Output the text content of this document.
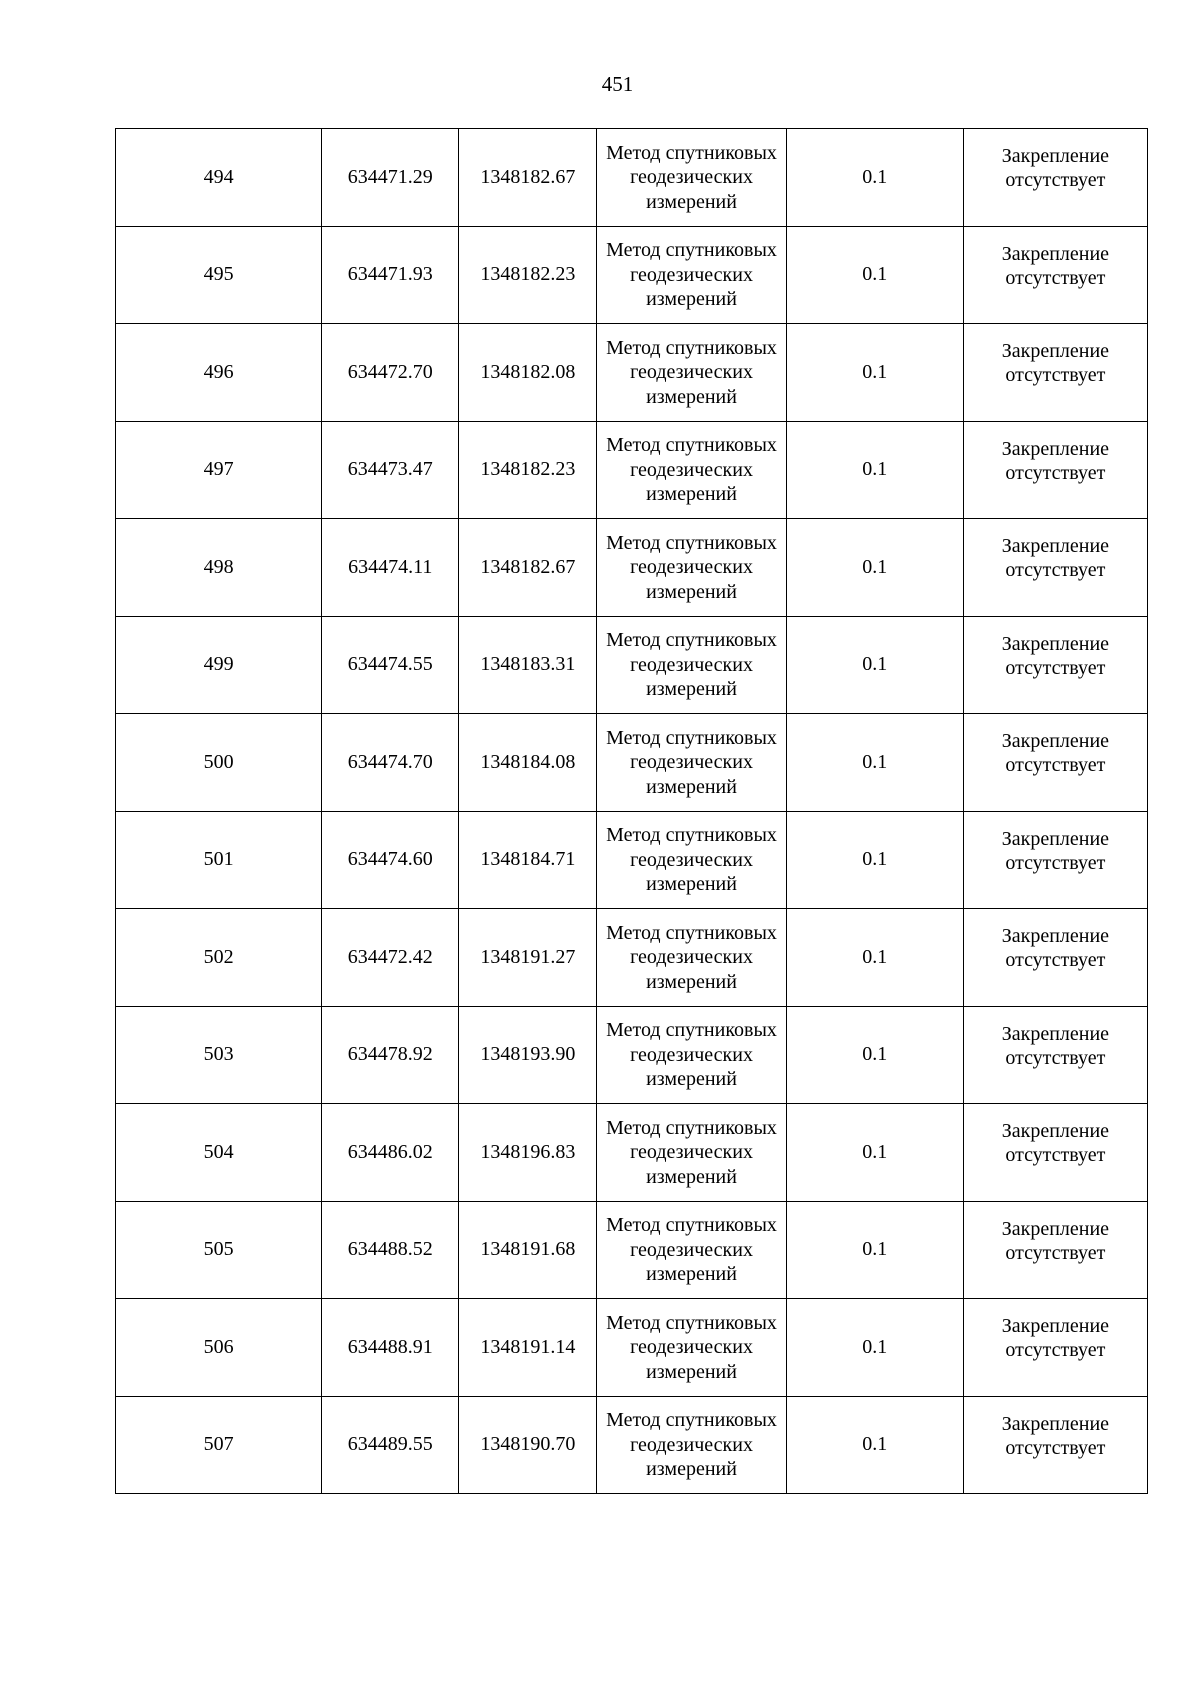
451
494	634471.29	1348182.67	Метод спутниковых геодезических измерений	0.1	Закрепление отсутствует

495	634471.93	1348182.23	Метод спутниковых геодезических измерений	0.1	Закрепление отсутствует

496	634472.70	1348182.08	Метод спутниковых геодезических измерений	0.1	Закрепление отсутствует

497	634473.47	1348182.23	Метод спутниковых геодезических измерений	0.1	Закрепление отсутствует

498	634474.11	1348182.67	Метод спутниковых геодезических измерений	0.1	Закрепление отсутствует

499	634474.55	1348183.31	Метод спутниковых геодезических измерений	0.1	Закрепление отсутствует

500	634474.70	1348184.08	Метод спутниковых геодезических измерений	0.1	Закрепление отсутствует

501	634474.60	1348184.71	Метод спутниковых геодезических измерений	0.1	Закрепление отсутствует

502	634472.42	1348191.27	Метод спутниковых геодезических измерений	0.1	Закрепление отсутствует

503	634478.92	1348193.90	Метод спутниковых геодезических измерений	0.1	Закрепление отсутствует

504	634486.02	1348196.83	Метод спутниковых геодезических измерений	0.1	Закрепление отсутствует

505	634488.52	1348191.68	Метод спутниковых геодезических измерений	0.1	Закрепление отсутствует

506	634488.91	1348191.14	Метод спутниковых геодезических измерений	0.1	Закрепление отсутствует

507	634489.55	1348190.70	Метод спутниковых геодезических измерений	0.1	Закрепление отсутствует
